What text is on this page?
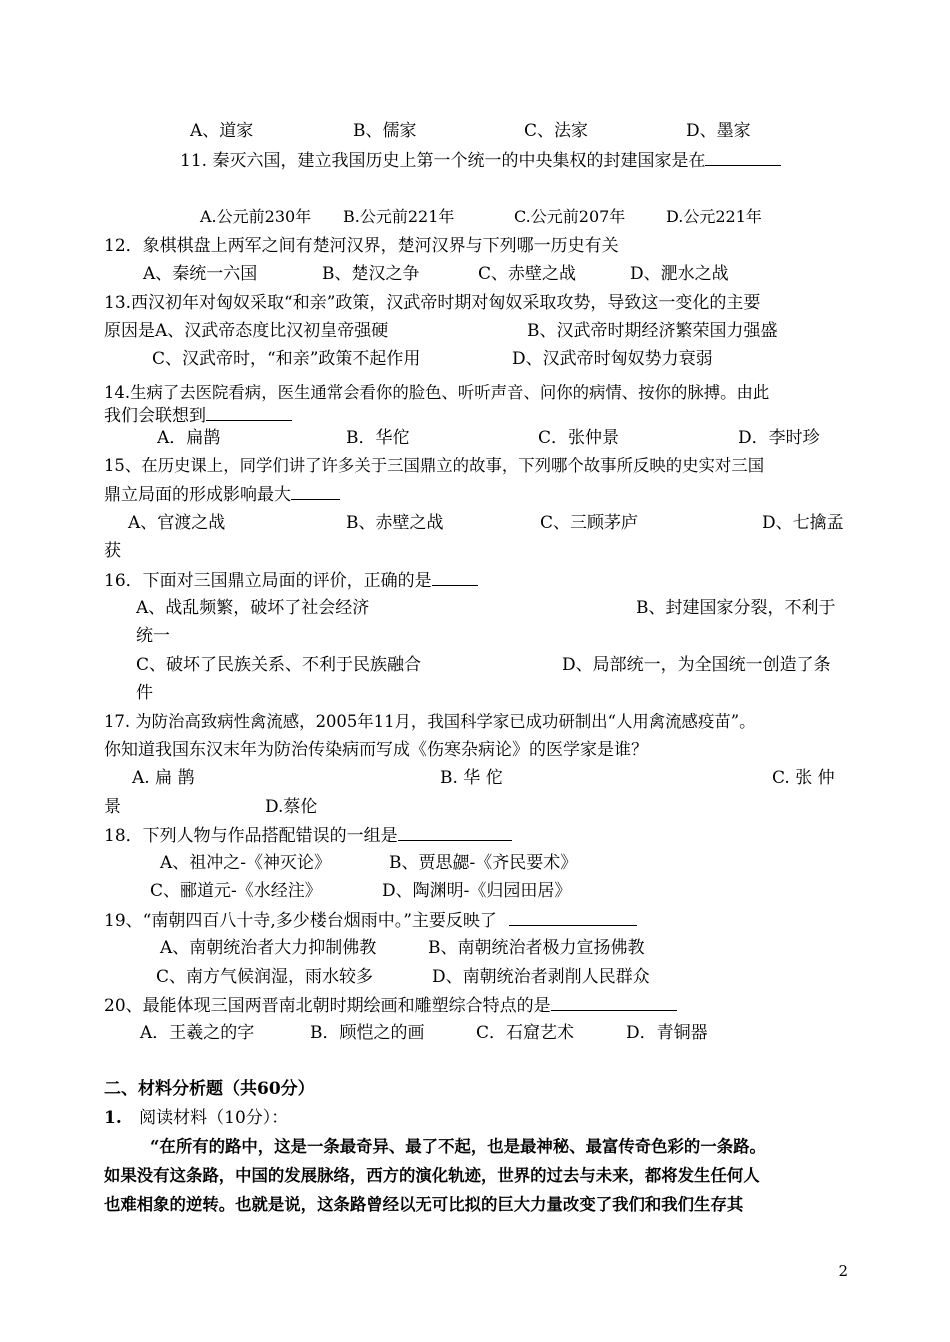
A、道家	B、儒家	C、法家	D、墨家
11. 秦灭六国，建立我国历史上第一个统一的中央集权的封建国家是在
A.公元前230年 B.公元前221年	C.公元前207年	D.公元221年
12．象棋棋盘上两军之间有楚河汉界，楚河汉界与下列哪一历史有关
A、秦统一六国	B、楚汉之争	C、赤壁之战	D、淝水之战
13.西汉初年对匈奴采取“和亲”政策，汉武帝时期对匈奴采取攻势，导致这一变化的主要
原因是A、汉武帝态度比汉初皇帝强硬	B、汉武帝时期经济繁荣国力强盛
C、汉武帝时，“和亲”政策不起作用	D、汉武帝时匈奴势力衰弱
14.生病了去医院看病，医生通常会看你的脸色、听听声音、问你的病情、按你的脉搏。由此
我们会联想到
A．扁鹊	B．华佗	C．张仲景	D．李时珍
15、在历史课上，同学们讲了许多关于三国鼎立的故事，下列哪个故事所反映的史实对三国
鼎立局面的形成影响最大
A、官渡之战	B、赤壁之战	C、三顾茅庐	D、七擒孟
获
16．下面对三国鼎立局面的评价，正确的是
A、战乱频繁，破坏了社会经济	B、封建国家分裂，不利于
统一
C、破坏了民族关系、不利于民族融合	D、局部统一，为全国统一创造了条
件
17. 为防治高致病性禽流感，2005年11月，我国科学家已成功研制出“人用禽流感疫苗”。
你知道我国东汉末年为防治传染病而写成《伤寒杂病论》的医学家是谁？
A. 扁 鹊	B. 华 佗	C. 张 仲
景	D.蔡伦
18．下列人物与作品搭配错误的一组是
A、祖冲之-《神灭论》	B、贾思勰-《齐民要术》
C、郦道元-《水经注》	D、陶渊明-《归园田居》
19、“南朝四百八十寺,多少楼台烟雨中。”主要反映了
A、南朝统治者大力抑制佛教	B、南朝统治者极力宣扬佛教
C、南方气候润湿，雨水较多	D、南朝统治者剥削人民群众
20、最能体现三国两晋南北朝时期绘画和雕塑综合特点的是
A．王羲之的字	B．顾恺之的画	C．石窟艺术	D．青铜器
二、材料分析题（共60分）
1. 阅读材料（10分）：
“在所有的路中，这是一条最奇异、最了不起，也是最神秘、最富传奇色彩的一条路。
如果没有这条路，中国的发展脉络，西方的演化轨迹，世界的过去与未来，都将发生任何人
也难相象的逆转。也就是说，这条路曾经以无可比拟的巨大力量改变了我们和我们生存其
2
